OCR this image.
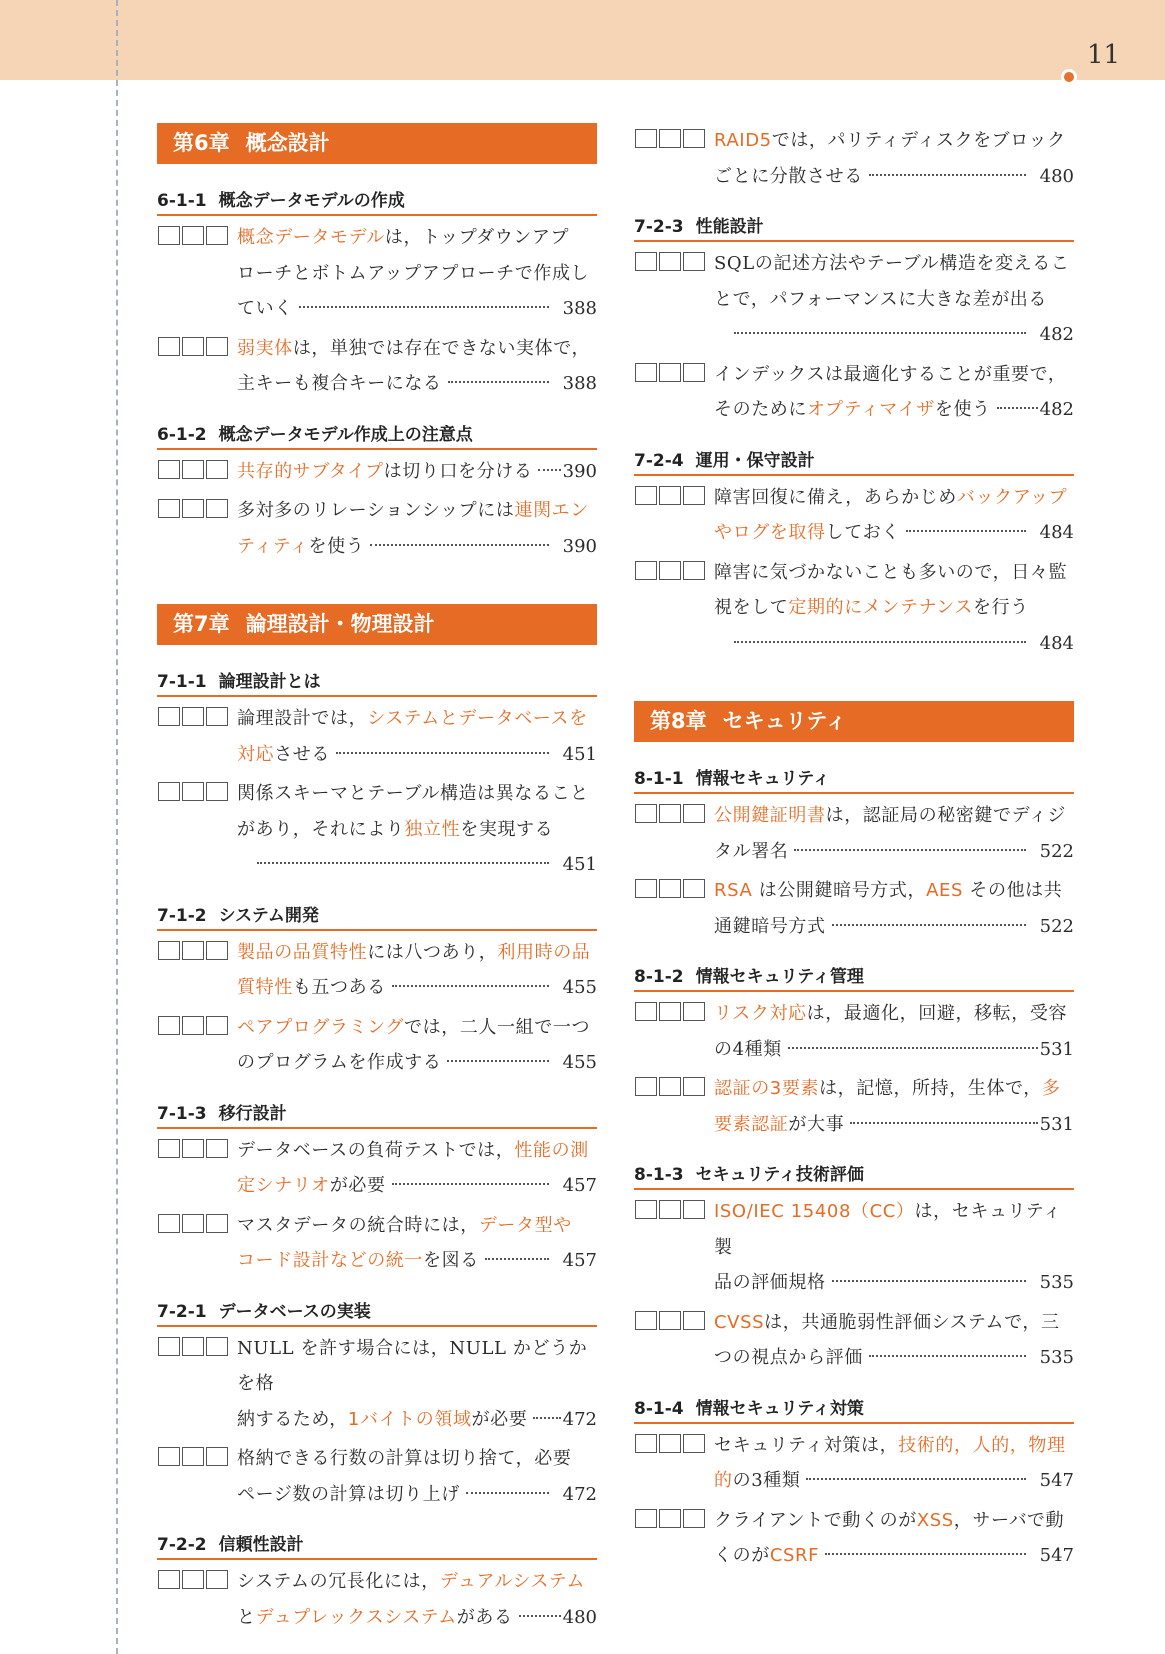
11
第6章 概念設計
6-1-1 概念データモデルの作成
概念データモデルは，トップダウンアプ
ローチとボトムアップアプローチで作成し
ていく	388
弱実体は，単独では存在できない実体で，
主キーも複合キーになる	388
6-1-2 概念データモデル作成上の注意点
共存的サブタイプは切り口を分ける 390
多対多のリレーションシップには連関エン
ティティを使う	390
第7章 論理設計・物理設計
7-1-1 論理設計とは
論理設計では，システムとデータベースを
対応させる	451
関係スキーマとテーブル構造は異なること
があり，それにより独立性を実現する
451
7-1-2 システム開発
製品の品質特性には八つあり，利用時の品
質特性も五つある	455
ペアプログラミングでは，二人一組で一つ
のプログラムを作成する	455
7-1-3 移行設計
データベースの負荷テストでは，性能の測
定シナリオが必要	457
マスタデータの統合時には，データ型や
コード設計などの統一を図る	457
7-2-1 データベースの実装
NULL を許す場合には，NULL かどうかを格
納するため，1バイトの領域が必要 472
格納できる行数の計算は切り捨て，必要
ページ数の計算は切り上げ	472
7-2-2 信頼性設計
システムの冗長化には，デュアルシステム
とデュプレックスシステムがある	480
RAID5では，パリティディスクをブロック
ごとに分散させる	480
7-2-3 性能設計
SQLの記述方法やテーブル構造を変えるこ
とで，パフォーマンスに大きな差が出る
482
インデックスは最適化することが重要で，
そのためにオプティマイザを使う	482
7-2-4 運用・保守設計
障害回復に備え，あらかじめバックアップ
やログを取得しておく	484
障害に気づかないことも多いので，日々監
視をして定期的にメンテナンスを行う
484
第8章 セキュリティ
8-1-1 情報セキュリティ
公開鍵証明書は，認証局の秘密鍵でディジ
タル署名	522
RSA は公開鍵暗号方式，AES その他は共
通鍵暗号方式	522
8-1-2 情報セキュリティ管理
リスク対応は，最適化，回避，移転，受容
の4種類	531
認証の3要素は，記憶，所持，生体で，多
要素認証が大事	531
8-1-3 セキュリティ技術評価
ISO/IEC 15408（CC）は，セキュリティ製
品の評価規格	535
CVSSは，共通脆弱性評価システムで，三
つの視点から評価	535
8-1-4 情報セキュリティ対策
セキュリティ対策は，技術的，人的，物理
的の3種類	547
クライアントで動くのがXSS，サーバで動
くのがCSRF	547
